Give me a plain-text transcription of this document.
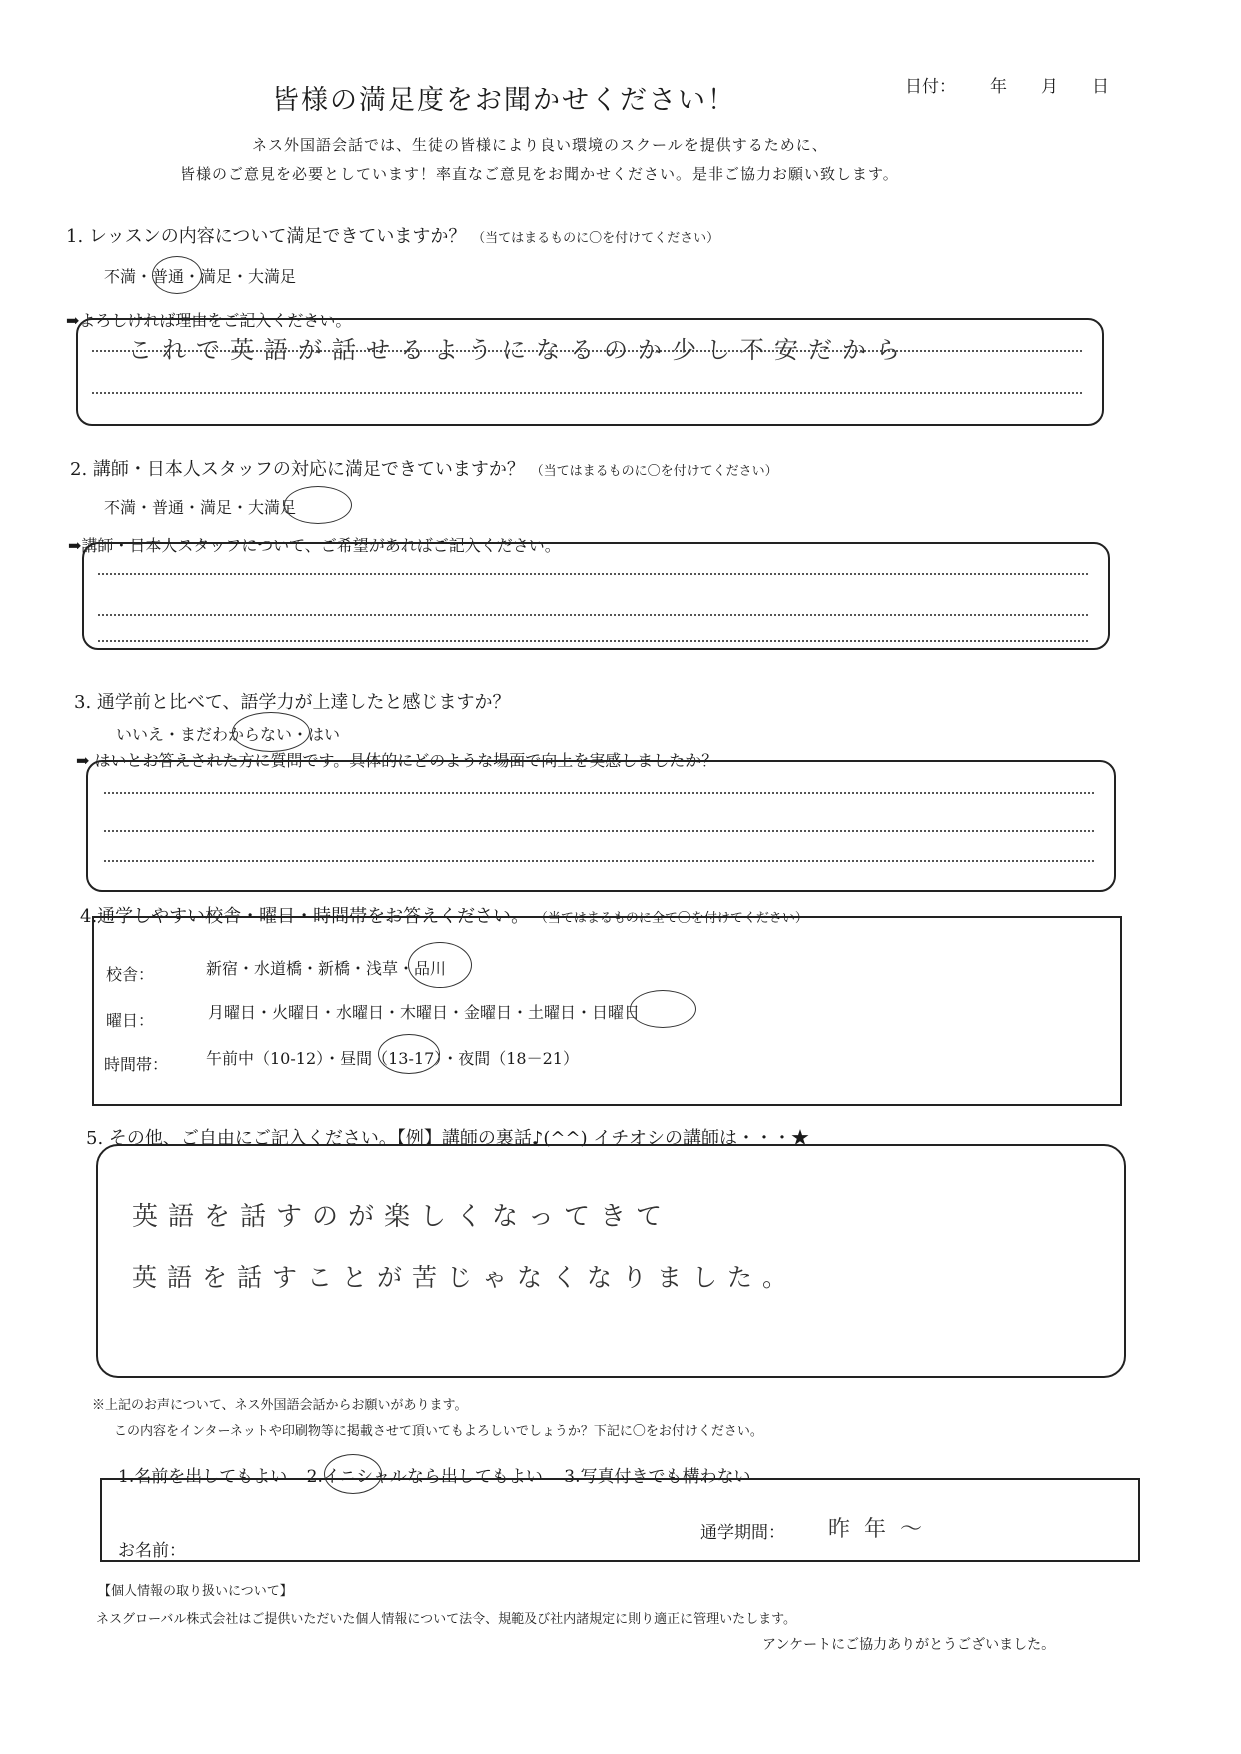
皆様の満足度をお聞かせください！	日付： 年 月 日
ネス外国語会話では、生徒の皆様により良い環境のスクールを提供するために、
皆様のご意見を必要としています！率直なご意見をお聞かせください。是非ご協力お願い致します。
1. レッスンの内容について満足できていますか？ （当てはまるものに〇を付けてください）
不満・普通・満足・大満足
➡よろしければ理由をご記入ください。
これで英語が話せるようになるのか少し不安だから
2. 講師・日本人スタッフの対応に満足できていますか？ （当てはまるものに〇を付けてください）
不満・普通・満足・大満足
➡講師・日本人スタッフについて、ご希望があればご記入ください。
3. 通学前と比べて、語学力が上達したと感じますか？
いいえ・まだわからない・はい
➡ はいとお答えされた方に質問です。具体的にどのような場面で向上を実感しましたか？
4.通学しやすい校舎・曜日・時間帯をお答えください。 （当てはまるものに全て〇を付けてください）
校舎：	新宿・水道橋・新橋・浅草・品川
曜日：	月曜日・火曜日・水曜日・木曜日・金曜日・土曜日・日曜日
時間帯： 午前中（10-12）・昼間（13-17）・夜間（18－21）
5. その他、ご自由にご記入ください。【例】講師の裏話♪(^^) イチオシの講師は・・・★
英語を話すのが楽しくなってきて
英語を話すことが苦じゃなくなりました。
※上記のお声について、ネス外国語会話からお願いがあります。
この内容をインターネットや印刷物等に掲載させて頂いてもよろしいでしょうか？下記に〇をお付けください。
1.名前を出してもよい 2.イニシャルなら出してもよい 3.写真付きでも構わない
お名前：
通学期間： 昨年〜
【個人情報の取り扱いについて】
ネスグローバル株式会社はご提供いただいた個人情報について法令、規範及び社内諸規定に則り適正に管理いたします。
アンケートにご協力ありがとうございました。
